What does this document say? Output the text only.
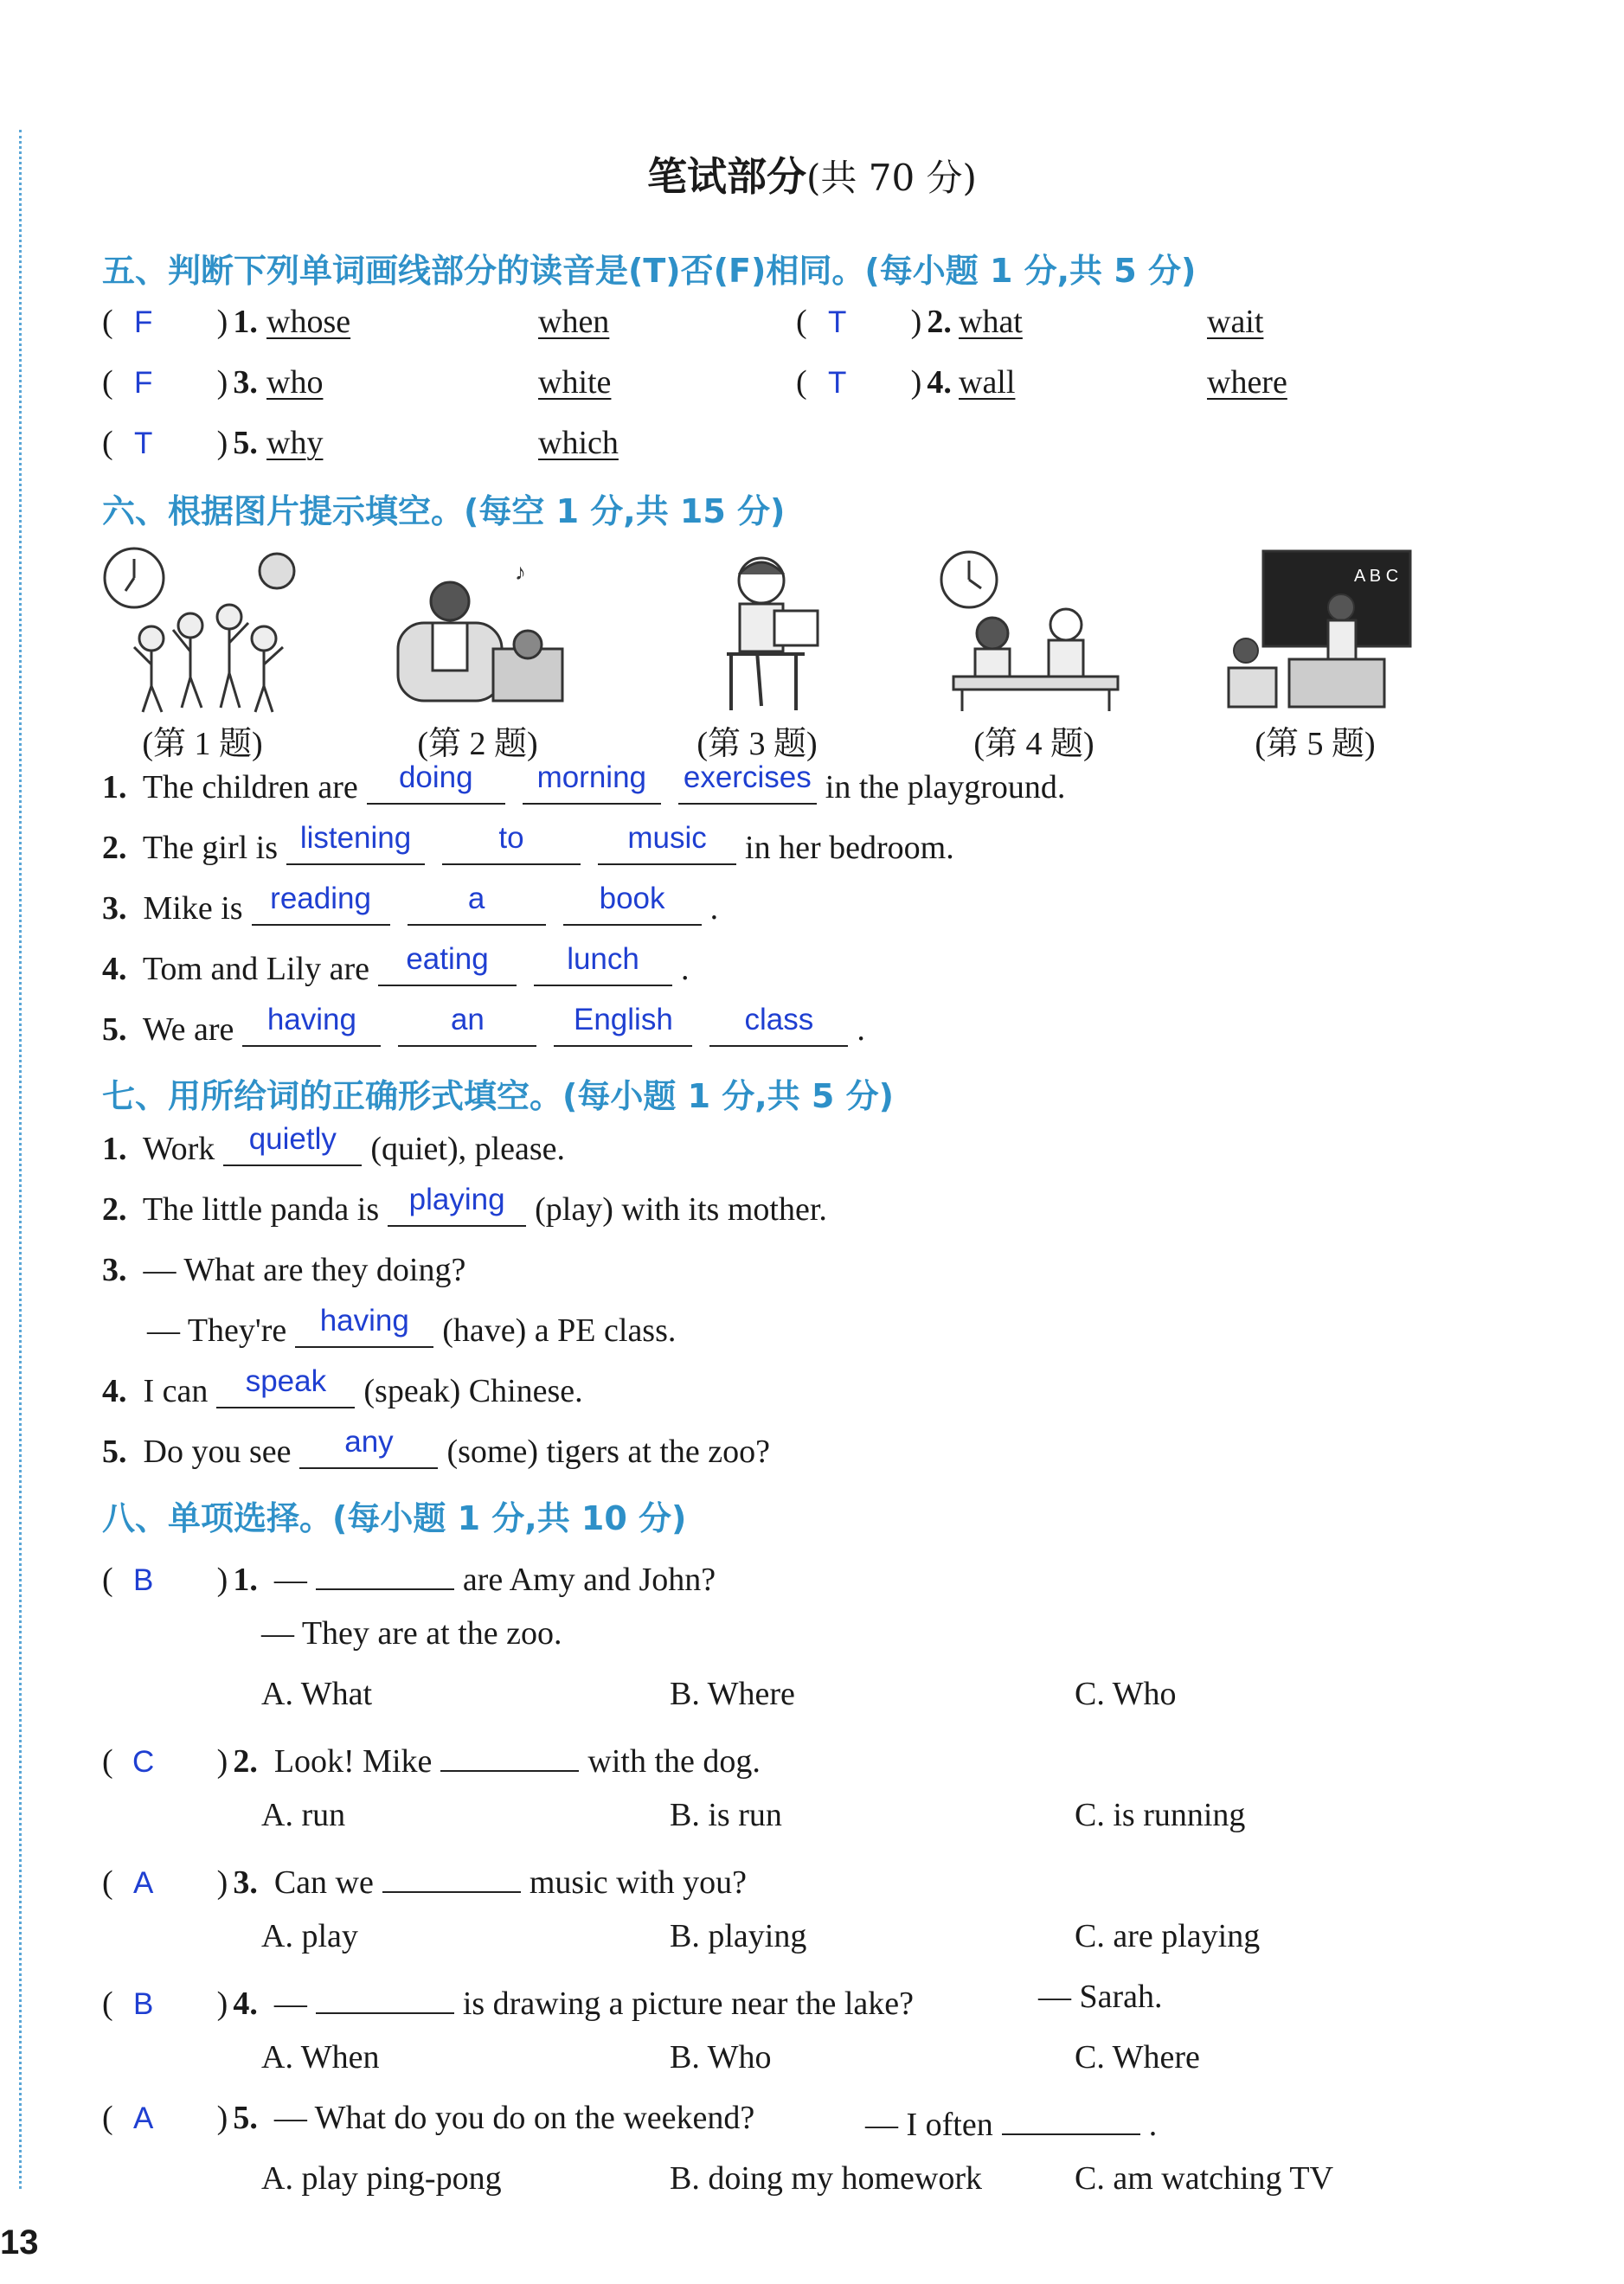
笔试部分(共 70 分)
五、判断下列单词画线部分的读音是(T)否(F)相同。(每小题 1 分,共 5 分)
( F ) 1. whose	when	( T ) 2. what	wait
( F ) 3. who	white	( T ) 4. wall	where
( T ) 5. why	which
六、根据图片提示填空。(每空 1 分,共 15 分)
♪	A B C
(第 1 题)	(第 2 题)	(第 3 题)	(第 4 题)	(第 5 题)
1. The children are doing morning exercises in the playground.
2. The girl is listening	to	music in her bedroom.
3. Mike is reading	a	book .
4. Tom and Lily are eating	lunch .
5. We are having	an	English class .
七、用所给词的正确形式填空。(每小题 1 分,共 5 分)
1. Work quietly (quiet), please.
2. The little panda is playing (play) with its mother.
3. — What are they doing?
— They're having (have) a PE class.
4. I can speak (speak) Chinese.
5. Do you see any (some) tigers at the zoo?
八、单项选择。(每小题 1 分,共 10 分)
( B ) 1. —	are Amy and John?
— They are at the zoo.
A. What	B. Where	C. Who
( C ) 2. Look! Mike	with the dog.
A. run	B. is run	C. is running
( A ) 3. Can we	music with you?
A. play	B. playing	C. are playing
( B ) 4. —	is drawing a picture near the lake?	— Sarah.
A. When	B. Who	C. Where
( A ) 5. — What do you do on the weekend?	— I often	.
A. play ping-pong	B. doing my homework	C. am watching TV
13
